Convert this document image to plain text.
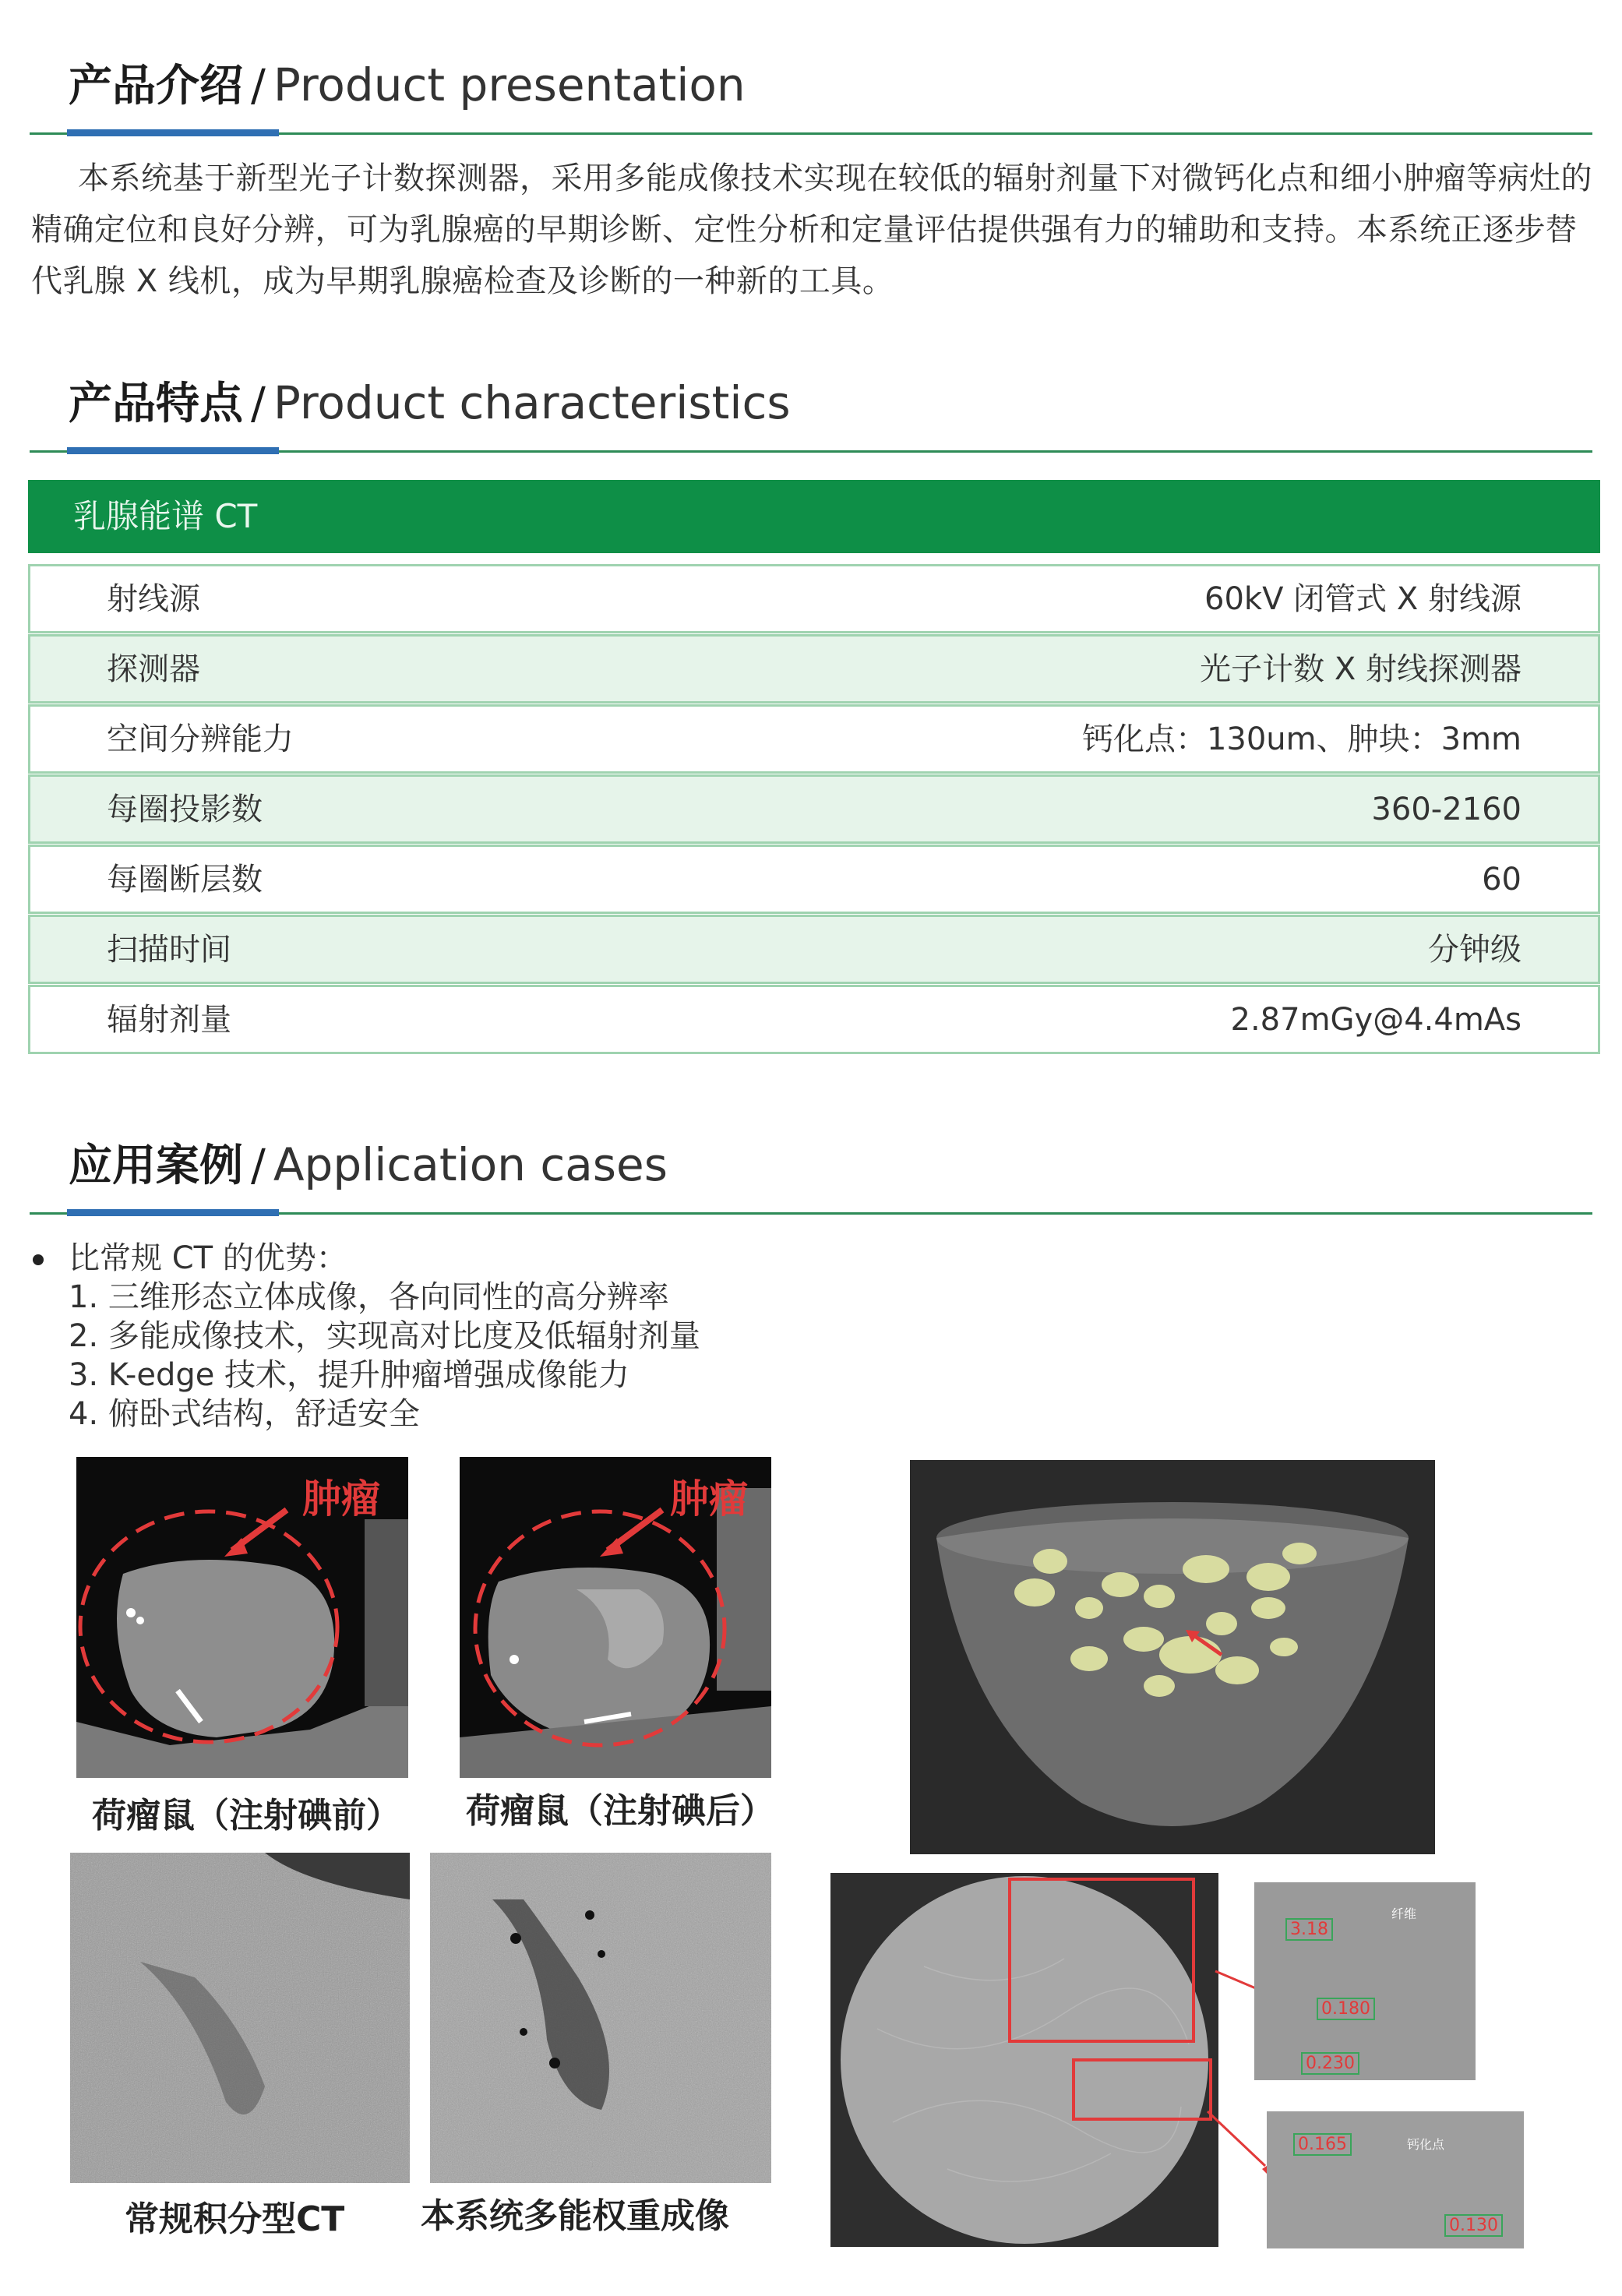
产品介绍 / Product presentation

本系统基于新型光子计数探测器，采用多能成像技术实现在较低的辐射剂量下对微钙化点和细小肿瘤等病灶的精确定位和良好分辨，可为乳腺癌的早期诊断、定性分析和定量评估提供强有力的辅助和支持。本系统正逐步替代乳腺 X 线机，成为早期乳腺癌检查及诊断的一种新的工具。

产品特点 / Product characteristics
乳腺能谱 CT
射线源	60kV 闭管式 X 射线源
探测器	光子计数 X 射线探测器
空间分辨能力	钙化点：130um、肿块：3mm
每圈投影数	360-2160
每圈断层数	60
扫描时间	分钟级
辐射剂量	2.87mGy@4.4mAs
应用案例 / Application cases
比常规 CT 的优势：
1. 三维形态立体成像，各向同性的高分辨率
2. 多能成像技术，实现高对比度及低辐射剂量
3. K-edge 技术，提升肿瘤增强成像能力
4. 俯卧式结构，舒适安全
肿瘤
荷瘤鼠（注射碘前）
肿瘤
荷瘤鼠（注射碘后）
常规积分型CT 本系统多能权重成像
纤维
3.18
0.180
0.230
钙化点
0.165
0.130
